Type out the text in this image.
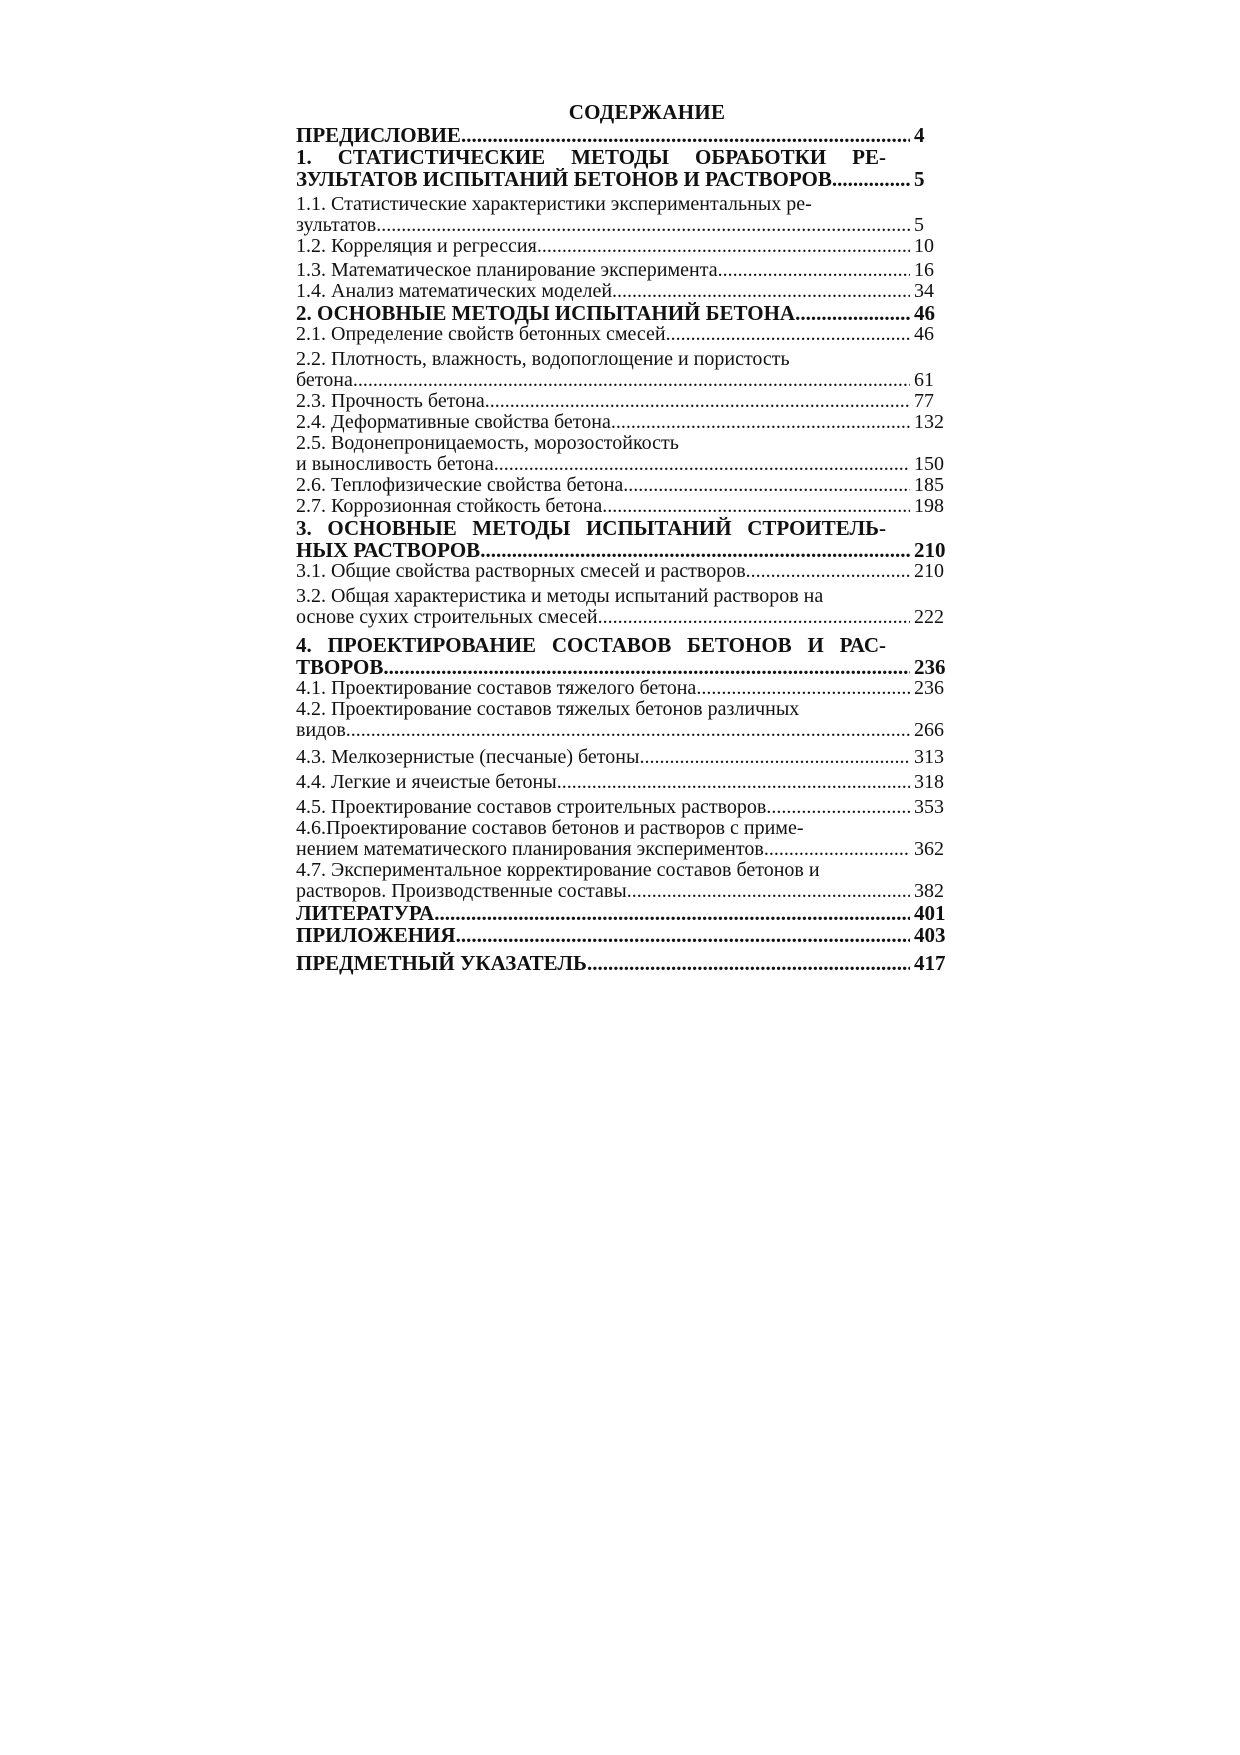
СОДЕРЖАНИЕ
ПРЕДИСЛОВИЕ .....	4
1. СТАТИСТИЧЕСКИЕ МЕТОДЫ ОБРАБОТКИ РЕ-
ЗУЛЬТАТОВ ИСПЫТАНИЙ БЕТОНОВ И РАСТВОРОВ .....	5
1.1. Статистические характеристики экспериментальных ре-
зультатов .....	5
1.2. Корреляция и регрессия .....	10
1.3. Математическое планирование эксперимента .....	16
1.4. Анализ математических моделей .....	34
2. ОСНОВНЫЕ МЕТОДЫ ИСПЫТАНИЙ БЕТОНА .....	46
2.1. Определение свойств бетонных смесей .....	46
2.2. Плотность, влажность, водопоглощение и пористость
бетона .....	61
2.3. Прочность бетона .....	77
2.4. Деформативные свойства бетона .....	132
2.5. Водонепроницаемость, морозостойкость
и выносливость бетона .....	150
2.6. Теплофизические свойства бетона .....	185
2.7. Коррозионная стойкость бетона .....	198
3. ОСНОВНЫЕ МЕТОДЫ ИСПЫТАНИЙ СТРОИТЕЛЬ-
НЫХ РАСТВОРОВ .....	210
3.1. Общие свойства растворных смесей и растворов .....	210
3.2. Общая характеристика и методы испытаний растворов на
основе сухих строительных смесей .....	222
4. ПРОЕКТИРОВАНИЕ СОСТАВОВ БЕТОНОВ И РАС-
ТВОРОВ .....	236
4.1. Проектирование составов тяжелого бетона .....	236
4.2. Проектирование составов тяжелых бетонов различных
видов .....	266
4.3. Мелкозернистые (песчаные) бетоны .....	313
4.4. Легкие и ячеистые бетоны .....	318
4.5. Проектирование составов строительных растворов .....	353
4.6.Проектирование составов бетонов и растворов с приме-
нением математического планирования экспериментов .....	362
4.7. Экспериментальное корректирование составов бетонов и
растворов. Производственные составы .....	382
ЛИТЕРАТУРА .....	401
ПРИЛОЖЕНИЯ .....	403
ПРЕДМЕТНЫЙ УКАЗАТЕЛЬ .....	417
